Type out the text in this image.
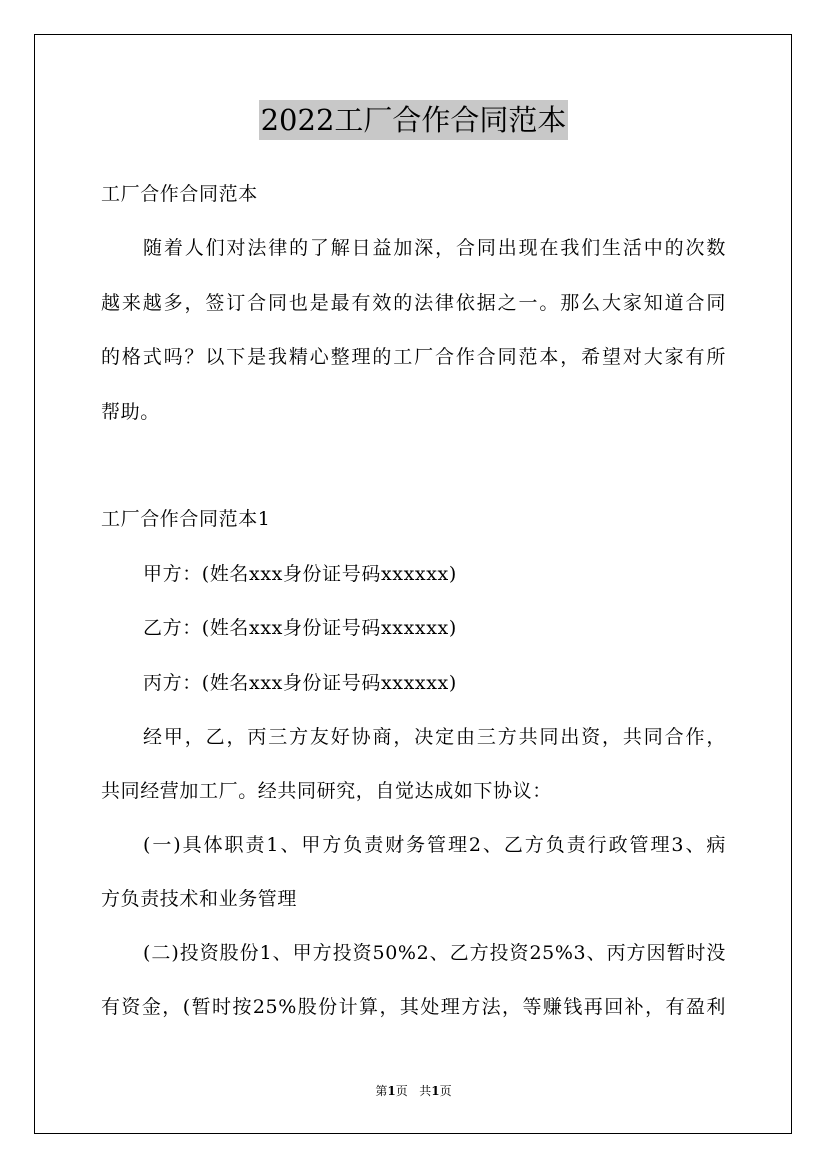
2022工厂合作合同范本
工厂合作合同范本
随着人们对法律的了解日益加深，合同出现在我们生活中的次数
越来越多，签订合同也是最有效的法律依据之一。那么大家知道合同
的格式吗？以下是我精心整理的工厂合作合同范本，希望对大家有所
帮助。
工厂合作合同范本1
甲方：(姓名xxx身份证号码xxxxxx)
乙方：(姓名xxx身份证号码xxxxxx)
丙方：(姓名xxx身份证号码xxxxxx)
经甲，乙，丙三方友好协商，决定由三方共同出资，共同合作，
共同经营加工厂。经共同研究，自觉达成如下协议：
(一)具体职责1、甲方负责财务管理2、乙方负责行政管理3、病
方负责技术和业务管理
(二)投资股份1、甲方投资50%2、乙方投资25%3、丙方因暂时没
有资金，(暂时按25%股份计算，其处理方法，等赚钱再回补，有盈利
第1页 共1页
